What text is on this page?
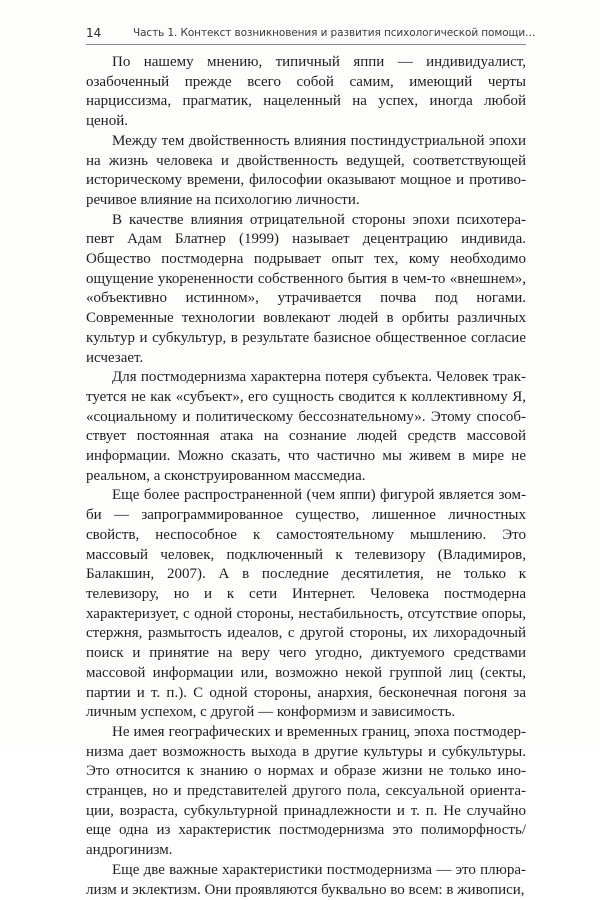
14	Часть 1. Контекст возникновения и развития психологической помощи…

По нашему мнению, типичный яппи — индивидуалист, озабоченный прежде всего собой самим, имеющий черты нарциссизма, прагматик, нацеленный на успех, иногда любой ценой.

Между тем двойственность влияния постиндустриальной эпохи на жизнь человека и двойственность ведущей, соответствующей историческому времени, философии оказывают мощное и противоречивое влияние на психологию личности.

В качестве влияния отрицательной стороны эпохи психотерапевт Адам Блатнер (1999) называет децентрацию индивида. Общество постмодерна подрывает опыт тех, кому необходимо ощущение укорененности собственного бытия в чем-то «внешнем», «объективно истинном», утрачивается почва под ногами. Современные технологии вовлекают людей в орбиты различных культур и субкультур, в результате базисное общественное согласие исчезает.

Для постмодернизма характерна потеря субъекта. Человек трактуется не как «субъект», его сущность сводится к коллективному Я, «социальному и политическому бессознательному». Этому способствует постоянная атака на сознание людей средств массовой информации. Можно сказать, что частично мы живем в мире не реальном, а сконструированном массмедиа.

Еще более распространенной (чем яппи) фигурой является зомби — запрограммированное существо, лишенное личностных свойств, неспособное к самостоятельному мышлению. Это массовый человек, подключенный к телевизору (Владимиров, Балакшин, 2007). А в последние десятилетия, не только к телевизору, но и к сети Интернет. Человека постмодерна характеризует, с одной стороны, нестабильность, отсутствие опоры, стержня, размытость идеалов, с другой стороны, их лихорадочный поиск и принятие на веру чего угодно, диктуемого средствами массовой информации или, возможно некой группой лиц (секты, партии и т. п.). С одной стороны, анархия, бесконечная погоня за личным успехом, с другой — конформизм и зависимость.

Не имея географических и временных границ, эпоха постмодернизма дает возможность выхода в другие культуры и субкультуры. Это относится к знанию о нормах и образе жизни не только иностранцев, но и представителей другого пола, сексуальной ориентации, возраста, субкультурной принадлежности и т. п. Не случайно еще одна из характеристик постмодернизма это полиморфность/ андрогинизм.

Еще две важные характеристики постмодернизма — это плюрализм и эклектизм. Они проявляются буквально во всем: в живописи,
